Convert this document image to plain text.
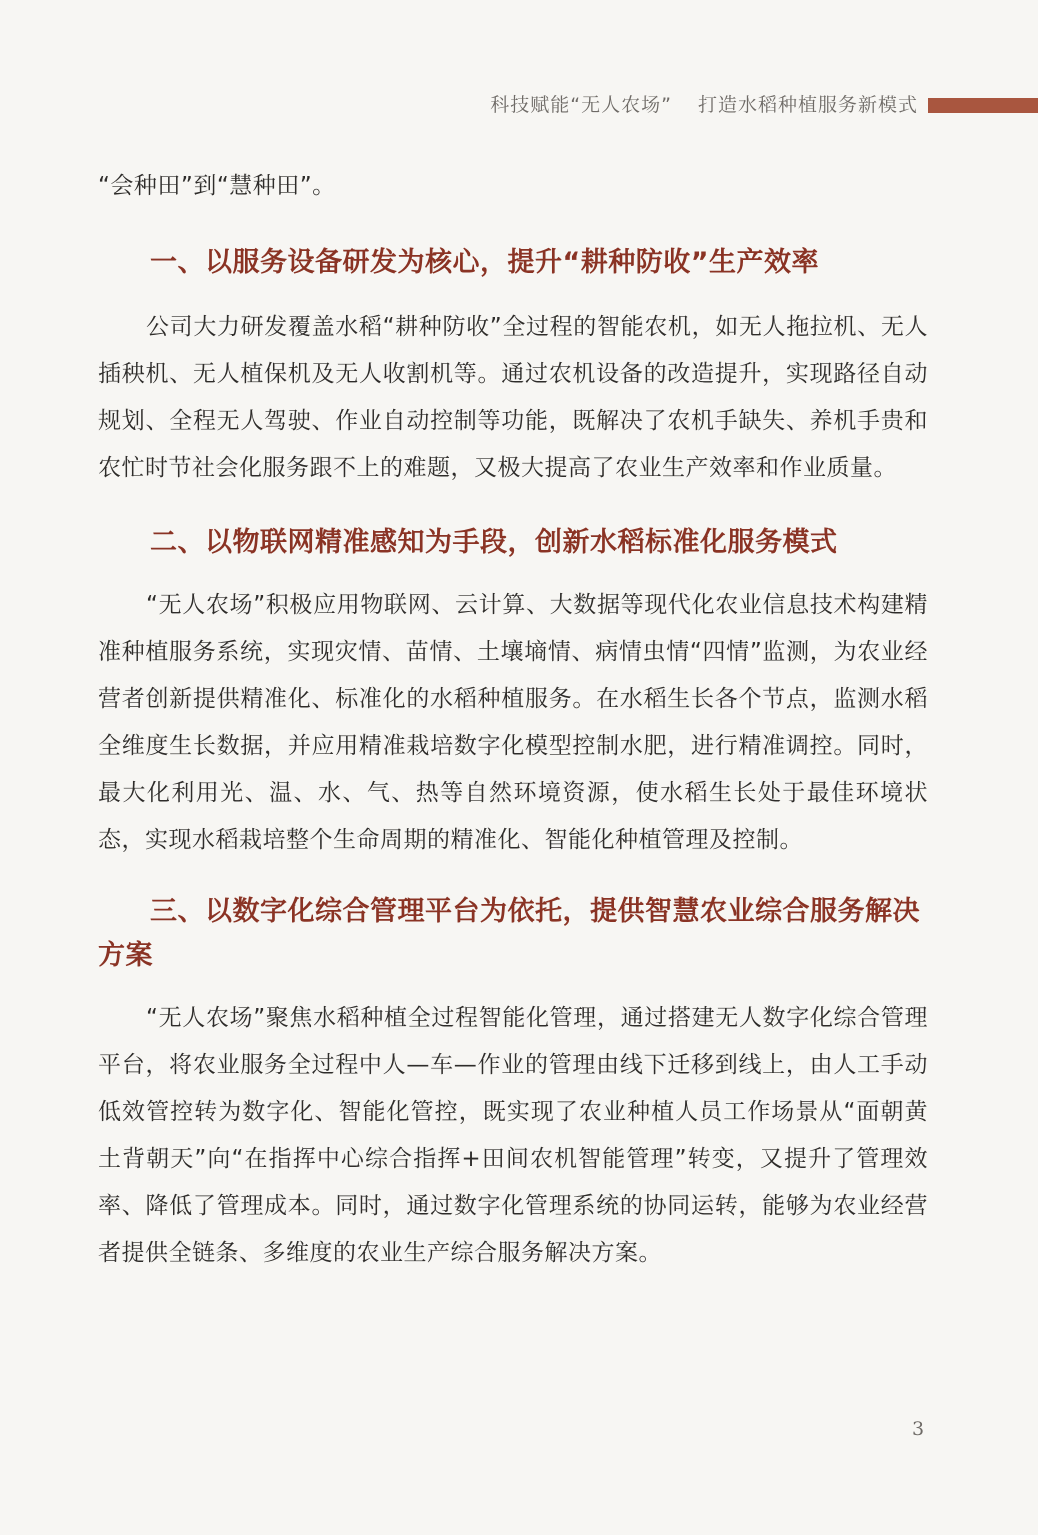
科技赋能“无人农场” 打造水稻种植服务新模式

“会种田”到“慧种田”。

一、以服务设备研发为核心，提升“耕种防收”生产效率

公司大力研发覆盖水稻“耕种防收”全过程的智能农机，如无人拖拉机、无人插秧机、无人植保机及无人收割机等。通过农机设备的改造提升，实现路径自动规划、全程无人驾驶、作业自动控制等功能，既解决了农机手缺失、养机手贵和农忙时节社会化服务跟不上的难题，又极大提高了农业生产效率和作业质量。

二、以物联网精准感知为手段，创新水稻标准化服务模式

“无人农场”积极应用物联网、云计算、大数据等现代化农业信息技术构建精准种植服务系统，实现灾情、苗情、土壤墒情、病情虫情“四情”监测，为农业经营者创新提供精准化、标准化的水稻种植服务。在水稻生长各个节点，监测水稻全维度生长数据，并应用精准栽培数字化模型控制水肥，进行精准调控。同时，最大化利用光、温、水、气、热等自然环境资源，使水稻生长处于最佳环境状态，实现水稻栽培整个生命周期的精准化、智能化种植管理及控制。

三、以数字化综合管理平台为依托，提供智慧农业综合服务解决方案

“无人农场”聚焦水稻种植全过程智能化管理，通过搭建无人数字化综合管理平台，将农业服务全过程中人—车—作业的管理由线下迁移到线上，由人工手动低效管控转为数字化、智能化管控，既实现了农业种植人员工作场景从“面朝黄土背朝天”向“在指挥中心综合指挥+田间农机智能管理”转变，又提升了管理效率、降低了管理成本。同时，通过数字化管理系统的协同运转，能够为农业经营者提供全链条、多维度的农业生产综合服务解决方案。

3
